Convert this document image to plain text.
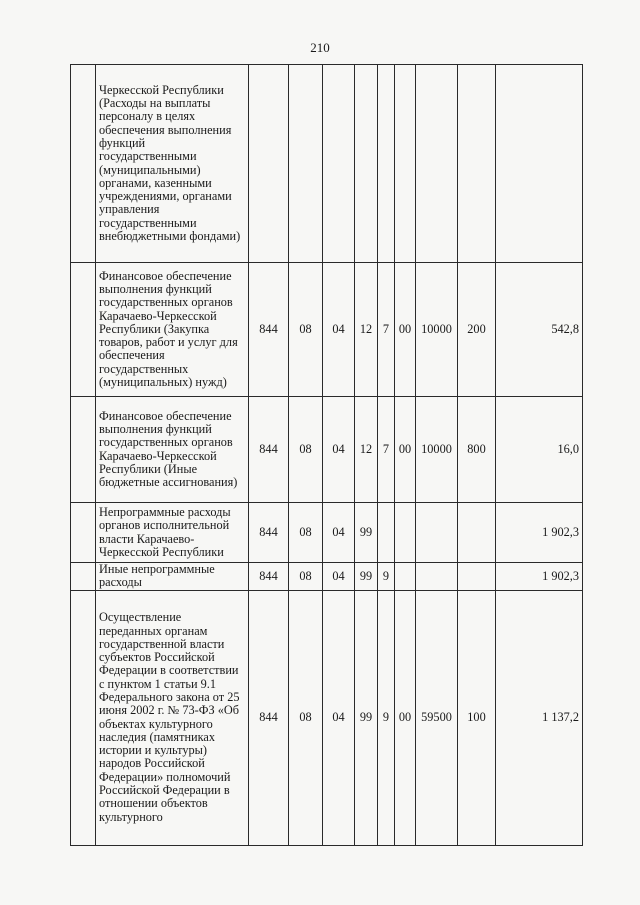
210
	Черкесской Республики (Расходы на выплаты персоналу в целях обеспечения выполнения функций государственными (муниципальными) органами, казенными учреждениями, органами управления государственными внебюджетными фондами)									
	Финансовое обеспечение выполнения функций государственных органов Карачаево-Черкесской Республики (Закупка товаров, работ и услуг для обеспечения государственных (муниципальных) нужд)	844	08	04	12	7	00	10000	200	542,8
	Финансовое обеспечение выполнения функций государственных органов Карачаево-Черкесской Республики (Иные бюджетные ассигнования)	844	08	04	12	7	00	10000	800	16,0
	Непрограммные расходы органов исполнительной власти Карачаево-Черкесской Республики	844	08	04	99					1 902,3
	Иные непрограммные расходы	844	08	04	99	9				1 902,3
	Осуществление переданных органам государственной власти субъектов Российской Федерации в соответствии с пунктом 1 статьи 9.1 Федерального закона от 25 июня 2002 г. № 73-ФЗ «Об объектах культурного наследия (памятниках истории и культуры) народов Российской Федерации» полномочий Российской Федерации в отношении объектов культурного	844	08	04	99	9	00	59500	100	1 137,2
